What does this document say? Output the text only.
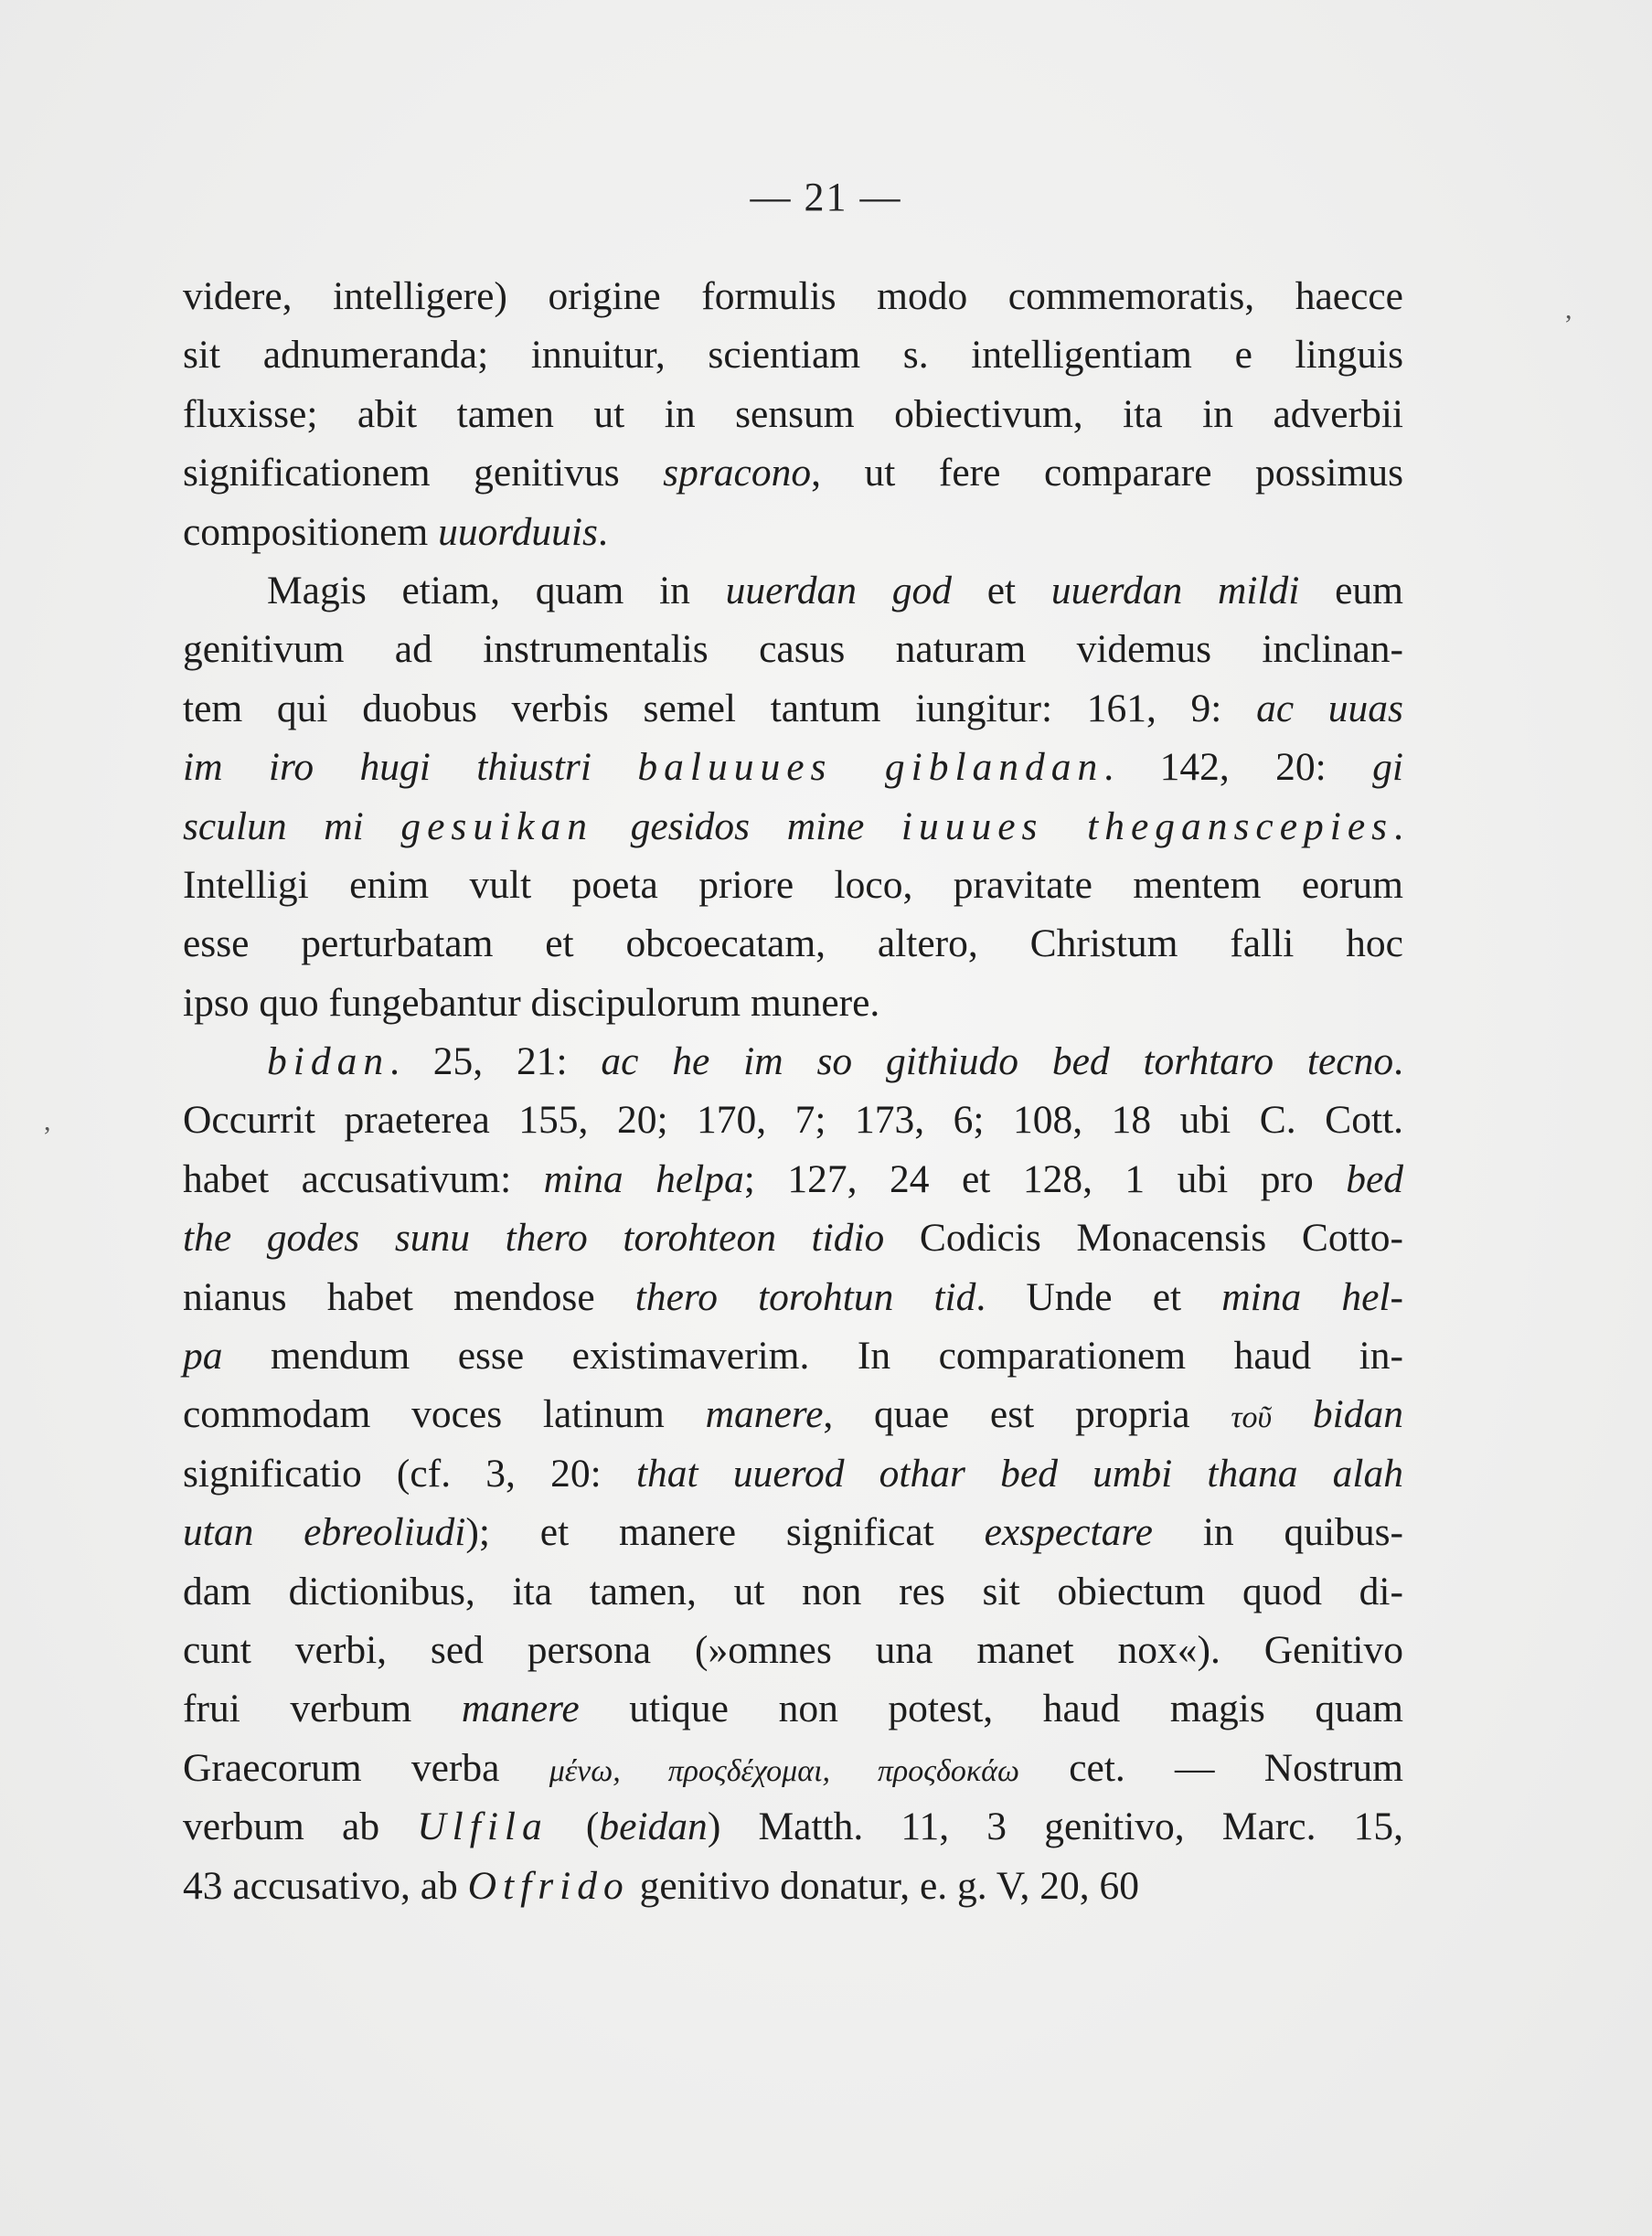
— 21 —
,
,
videre, intelligere) origine formulis modo commemoratis, haecce
sit adnumeranda; innuitur, scientiam s. intelligentiam e linguis
fluxisse; abit tamen ut in sensum obiectivum, ita in adverbii
significationem genitivus spracono, ut fere comparare possimus
compositionem uuorduuis.
Magis etiam, quam in uuerdan god et uuerdan mildi eum
genitivum ad instrumentalis casus naturam videmus inclinan-
tem qui duobus verbis semel tantum iungitur: 161, 9: ac uuas
im iro hugi thiustri baluuues giblandan. 142, 20: gi
sculun mi gesuikan gesidos mine iuuues theganscepies.
Intelligi enim vult poeta priore loco, pravitate mentem eorum
esse perturbatam et obcoecatam, altero, Christum falli hoc
ipso quo fungebantur discipulorum munere.
bidan. 25, 21: ac he im so githiudo bed torhtaro tecno.
Occurrit praeterea 155, 20; 170, 7; 173, 6; 108, 18 ubi C. Cott.
habet accusativum: mina helpa; 127, 24 et 128, 1 ubi pro bed
the godes sunu thero torohteon tidio Codicis Monacensis Cotto-
nianus habet mendose thero torohtun tid. Unde et mina hel-
pa mendum esse existimaverim. In comparationem haud in-
commodam voces latinum manere, quae est propria τοῦ bidan
significatio (cf. 3, 20: that uuerod othar bed umbi thana alah
utan ebreoliudi); et manere significat exspectare in quibus-
dam dictionibus, ita tamen, ut non res sit obiectum quod di-
cunt verbi, sed persona (»omnes una manet nox«). Genitivo
frui verbum manere utique non potest, haud magis quam
Graecorum verba μένω, προςδέχομαι, προςδοκάω cet. — Nostrum
verbum ab Ulfila (beidan) Matth. 11, 3 genitivo, Marc. 15,
43 accusativo, ab Otfrido genitivo donatur, e. g. V, 20, 60
